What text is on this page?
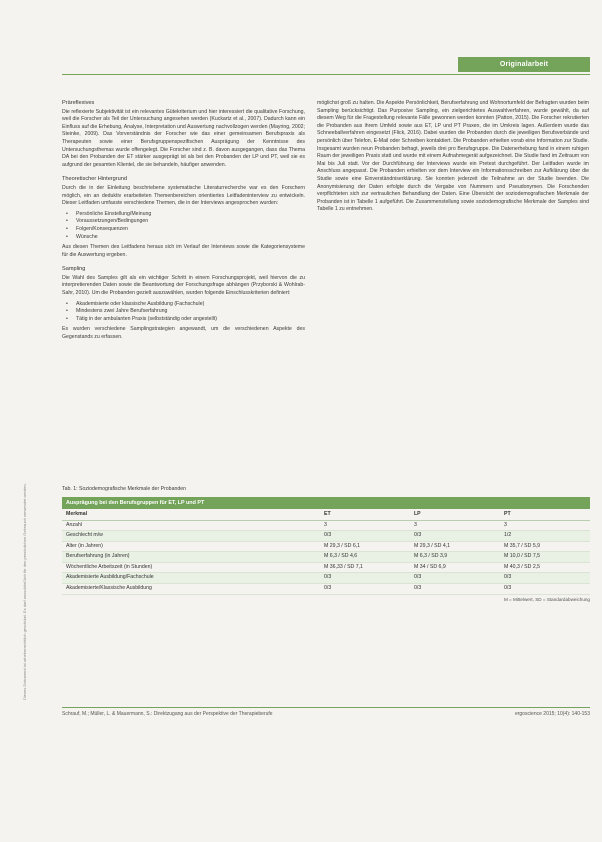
Originalarbeit
Dieses Dokument ist urheberrechtlich geschützt. Es darf ausschließlich für den persönlichen Gebrauch verwendet werden.
Präreflexives

Die reflexierte Subjektivität ist ein relevantes Gütekriterium und hier interessiert die qualitative Forschung, weil die Forscher als Teil der Untersuchung angesehen werden (Kuckartz et al., 2007). Dadurch kann ein Einfluss auf die Erhebung, Analyse, Interpretation und Auswertung nachvollzogen werden (Mayring, 2002; Steinke, 2009). Das Vorverständnis der Forscher wie das einer gemeinsamen Berufspraxis als Therapeuten sowie einer Berufsgruppenspezifischen Ausprägung der Kenntnisse des Untersuchungsthemas wurde offengelegt. Die Forscher sind z. B. davon ausgegangen, dass das Thema DA bei den Probanden der ET stärker ausgeprägt ist als bei den Probanden der LP und PT, weil sie es aufgrund der gesamten Klientel, die sie behandeln, häufiger anwenden.

Theoretischer Hintergrund

Durch die in der Einleitung beschriebene systematische Literaturrecherche war es den Forschern möglich, ein an deduktiv erarbeiteten Themenbereichen orientiertes Leitfadeninterview zu entwickeln. Dieser Leitfaden umfasste verschiedene Themen, die in der Interviews angesprochen wurden:

• Persönliche Einstellung/Meinung
• Voraussetzungen/Bedingungen
• Folgen/Konsequenzen
• Wünsche

Aus diesen Themen des Leitfadens heraus sich im Verlauf der Interviews sowie die Kategoriensysteme für die Auswertung ergeben.

Sampling

Die Wahl des Samples gilt als ein wichtiger Schritt in einem Forschungsprojekt, weil hiervon die zu interpretierenden Daten sowie die Beantwortung der Forschungsfrage abhängen (Przyborski & Wohlrab-Sahr, 2010). Um die Probanden gezielt auszuwählen, wurden folgende Einschlusskriterien definiert:

• Akademisierte oder klassische Ausbildung (Fachschule)
• Mindestens zwei Jahre Berufserfahrung
• Tätig in der ambulanten Praxis (selbstständig oder angestellt)

Es wurden verschiedene Samplingstrategien angewandt, um die verschiedenen Aspekte des Gegenstands zu erfassen.

möglichst groß zu halten. Die Aspekte Persönlichkeit, Berufserfahrung und Wohnortumfeld der Befragten wurden beim Sampling berücksichtigt. Das Purposive Sampling, ein zielgerichtetes Auswahlverfahren, wurde gewählt, da auf diesem Weg für die Fragestellung relevante Fälle gewonnen werden konnten (Patton, 2015). Die Forscher rekrutierten die Probanden aus ihrem Umfeld sowie aus ET, LP und PT Praxen, die im Umkreis lagen. Außerdem wurde das Schneeballverfahren eingesetzt (Flick, 2016). Dabei wurden die Probanden durch die jeweiligen Berufsverbände und persönlich über Telefon, E-Mail oder Schreiben kontaktiert. Die Probanden erhielten vorab eine Information zur Studie. Insgesamt wurden neun Probanden befragt, jeweils drei pro Berufsgruppe. Die Datenerhebung fand in einem ruhigen Raum der jeweiligen Praxis statt und wurde mit einem Aufnahmegerät aufgezeichnet. Die Studie fand im Zeitraum von Mai bis Juli statt. Vor der Durchführung der Interviews wurde ein Pretest durchgeführt. Der Leitfaden wurde im Anschluss angepasst. Die Probanden erhielten vor dem Interview ein Informationsschreiben zur Aufklärung über die Studie sowie eine Einverständniserklärung. Sie konnten jederzeit die Teilnahme an der Studie beenden. Die Anonymisierung der Daten erfolgte durch die Vergabe von Nummern und Pseudonymen. Die Forschenden verpflichteten sich zur vertraulichen Behandlung der Daten. Eine Übersicht der soziodemografischen Merkmale der Probanden ist in Tabelle 1 aufgeführt. Die Zusammenstellung sowie soziodemografische Merkmale der Samples sind Tabelle 1 zu entnehmen.

Tab. 1: Soziodemografische Merkmale der Probanden
Ausprägung bei den Berufsgruppen für ET, LP und PT
Merkmal	ET	LP	PT
Anzahl	3	3	3
Geschlecht m/w	0/3	0/3	1/2
Alter (in Jahren)	M 29,3 / SD 6,1	M 29,3 / SD 4,1	M 35,7 / SD 5,9
Berufserfahrung (in Jahren)	M 6,3 / SD 4,6	M 6,3 / SD 3,9	M 10,0 / SD 7,5
Wöchentliche Arbeitszeit (in Stunden)	M 36,33 / SD 7,1	M 34 / SD 6,9	M 40,3 / SD 2,5
Akademisierte Ausbildung/Fachschule	0/3	0/3	0/3
Akademisierte/Klassische Ausbildung	0/3	0/3	0/3
M = Mittelwert, SD = Standardabweichung
Schrauf, M.; Müller, L. & Mauermann, S.: Direktzugang aus der Perspektive der Therapieberufe	ergoscience 2015; 10(4): 140-153
